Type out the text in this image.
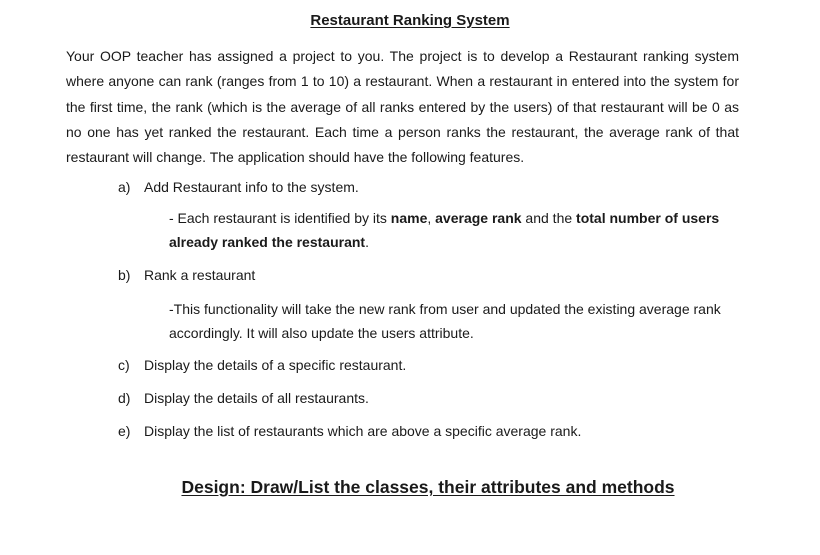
Restaurant Ranking System

Your OOP teacher has assigned a project to you. The project is to develop a Restaurant ranking system where anyone can rank (ranges from 1 to 10) a restaurant. When a restaurant in entered into the system for the first time, the rank (which is the average of all ranks entered by the users) of that restaurant will be 0 as no one has yet ranked the restaurant. Each time a person ranks the restaurant, the average rank of that restaurant will change. The application should have the following features.

a) Add Restaurant info to the system.

- Each restaurant is identified by its name, average rank and the total number of users already ranked the restaurant.

b) Rank a restaurant

-This functionality will take the new rank from user and updated the existing average rank accordingly. It will also update the users attribute.

c) Display the details of a specific restaurant.
d) Display the details of all restaurants.
e) Display the list of restaurants which are above a specific average rank.
Design: Draw/List the classes, their attributes and methods
